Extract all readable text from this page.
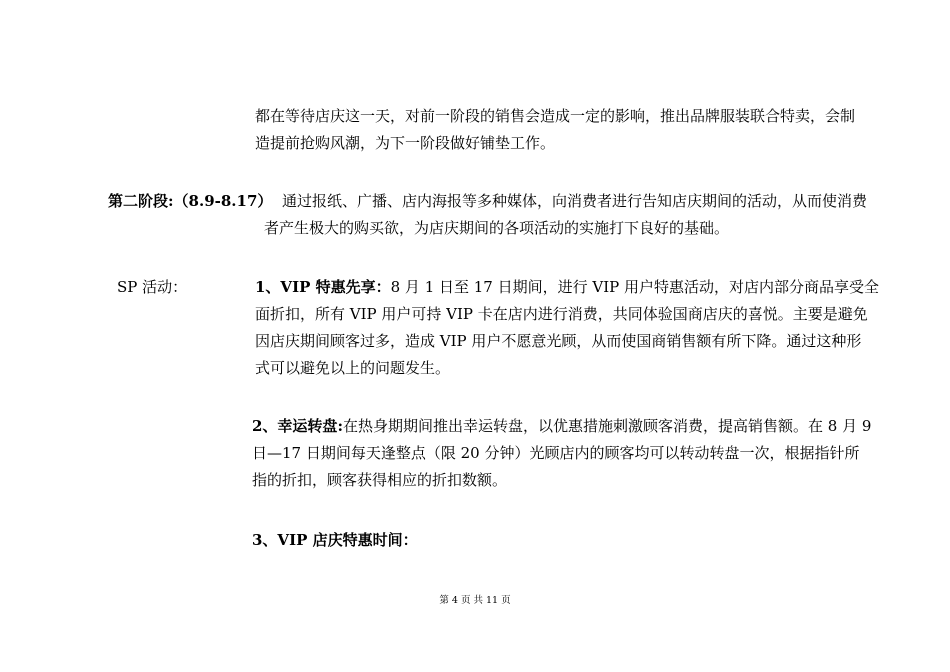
都在等待店庆这一天，对前一阶段的销售会造成一定的影响，推出品牌服装联合特卖，会制
造提前抢购风潮，为下一阶段做好铺垫工作。
第二阶段:（8.9-8.17） 通过报纸、广播、店内海报等多种媒体，向消费者进行告知店庆期间的活动，从而使消费
者产生极大的购买欲，为店庆期间的各项活动的实施打下良好的基础。
SP 活动：	1、VIP 特惠先享：8 月 1 日至 17 日期间，进行 VIP 用户特惠活动，对店内部分商品享受全
面折扣，所有 VIP 用户可持 VIP 卡在店内进行消费，共同体验国商店庆的喜悦。主要是避免
因店庆期间顾客过多，造成 VIP 用户不愿意光顾，从而使国商销售额有所下降。通过这种形
式可以避免以上的问题发生。
2、幸运转盘:在热身期期间推出幸运转盘，以优惠措施刺激顾客消费，提高销售额。在 8 月 9
日—17 日期间每天逢整点（限 20 分钟）光顾店内的顾客均可以转动转盘一次，根据指针所
指的折扣，顾客获得相应的折扣数额。
3、VIP 店庆特惠时间：
第 4 页 共 11 页
